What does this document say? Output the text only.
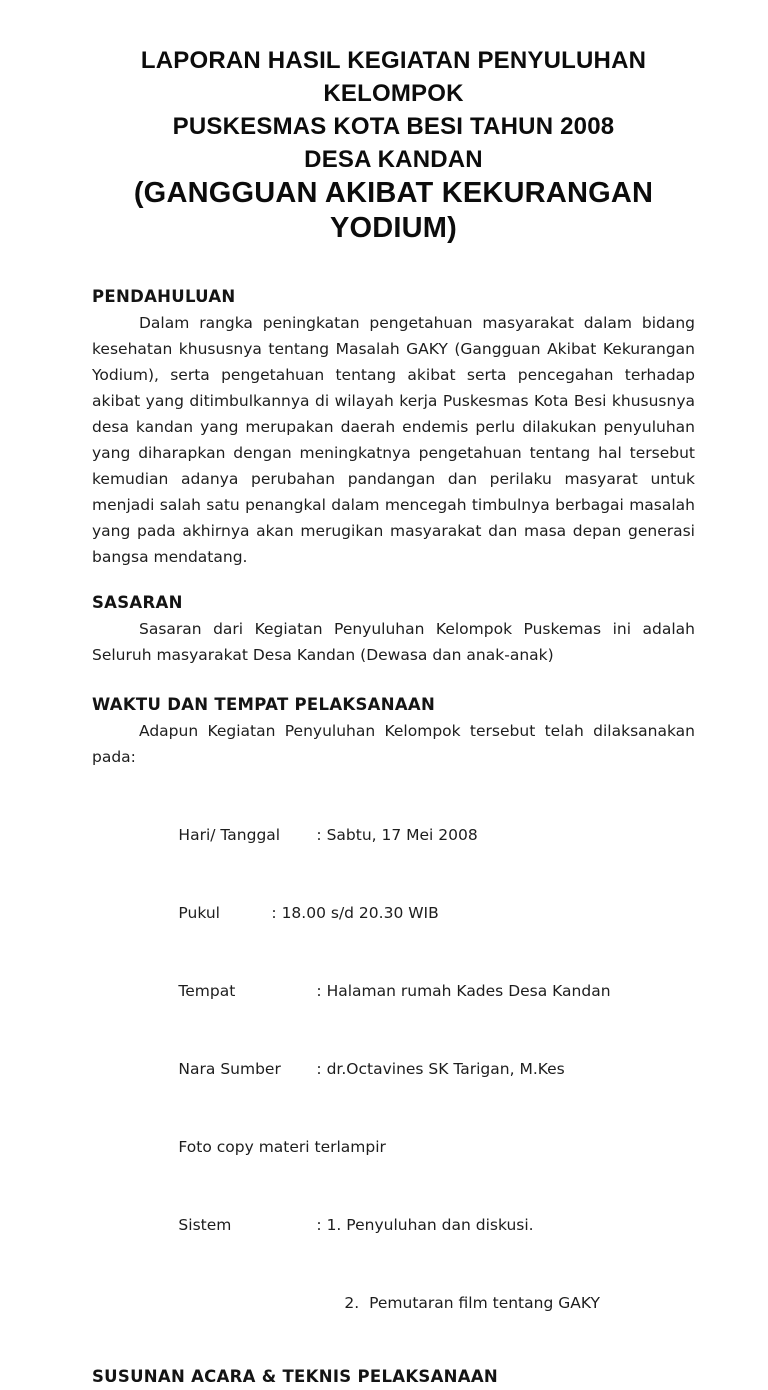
LAPORAN HASIL KEGIATAN PENYULUHAN
KELOMPOK
PUSKESMAS KOTA BESI TAHUN 2008
DESA KANDAN
(GANGGUAN AKIBAT KEKURANGAN YODIUM)
PENDAHULUAN

Dalam rangka peningkatan pengetahuan masyarakat dalam bidang kesehatan khususnya tentang Masalah GAKY (Gangguan Akibat Kekurangan Yodium), serta pengetahuan tentang akibat serta pencegahan terhadap akibat yang ditimbulkannya di wilayah kerja Puskesmas Kota Besi khususnya desa kandan yang merupakan daerah endemis perlu dilakukan penyuluhan yang diharapkan dengan meningkatnya pengetahuan tentang hal tersebut kemudian adanya perubahan pandangan dan perilaku masyarat untuk menjadi salah satu penangkal dalam mencegah timbulnya berbagai masalah yang pada akhirnya akan merugikan masyarakat dan masa depan generasi bangsa mendatang.

SASARAN

Sasaran dari Kegiatan Penyuluhan Kelompok Puskemas ini adalah Seluruh masyarakat Desa Kandan (Dewasa dan anak-anak)

WAKTU DAN TEMPAT PELAKSANAAN

Adapun Kegiatan Penyuluhan Kelompok tersebut telah dilaksanakan pada:

Hari/ Tanggal : Sabtu, 17 Mei 2008

Pukul	: 18.00 s/d 20.30 WIB

Tempat	: Halaman rumah Kades Desa Kandan

Nara Sumber : dr.Octavines SK Tarigan, M.Kes

Foto copy materi terlampir

Sistem	: 1. Penyuluhan dan diskusi.

2.  Pemutaran film tentang GAKY

SUSUNAN ACARA & TEKNIS PELAKSANAAN
